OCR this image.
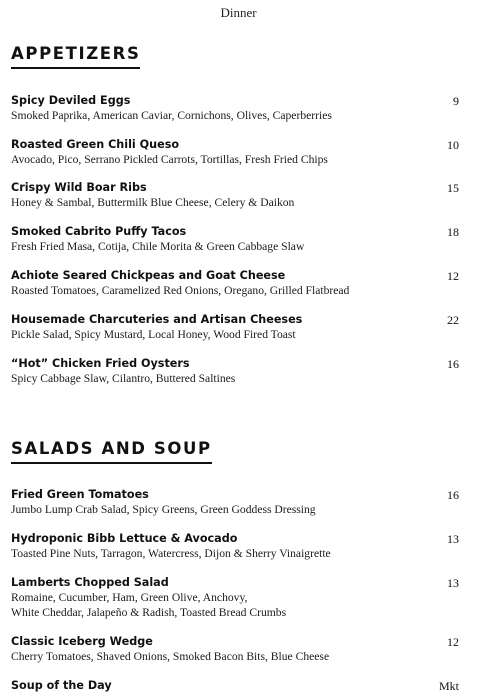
Dinner
APPETIZERS
Spicy Deviled Eggs
Smoked Paprika, American Caviar, Cornichons, Olives, Caperberries
9
Roasted Green Chili Queso
Avocado, Pico, Serrano Pickled Carrots, Tortillas, Fresh Fried Chips
10
Crispy Wild Boar Ribs
Honey & Sambal, Buttermilk Blue Cheese, Celery & Daikon
15
Smoked Cabrito Puffy Tacos
Fresh Fried Masa, Cotija, Chile Morita & Green Cabbage Slaw
18
Achiote Seared Chickpeas and Goat Cheese
Roasted Tomatoes, Caramelized Red Onions, Oregano, Grilled Flatbread
12
Housemade Charcuteries and Artisan Cheeses
Pickle Salad, Spicy Mustard, Local Honey, Wood Fired Toast
22
“Hot” Chicken Fried Oysters
Spicy Cabbage Slaw, Cilantro, Buttered Saltines
16
SALADS AND SOUP
Fried Green Tomatoes
Jumbo Lump Crab Salad, Spicy Greens, Green Goddess Dressing
16
Hydroponic Bibb Lettuce & Avocado
Toasted Pine Nuts, Tarragon, Watercress, Dijon & Sherry Vinaigrette
13
Lamberts Chopped Salad
Romaine, Cucumber, Ham, Green Olive, Anchovy,
White Cheddar, Jalapeño & Radish, Toasted Bread Crumbs
13
Classic Iceberg Wedge
Cherry Tomatoes, Shaved Onions, Smoked Bacon Bits, Blue Cheese
12
Soup of the Day	Mkt
